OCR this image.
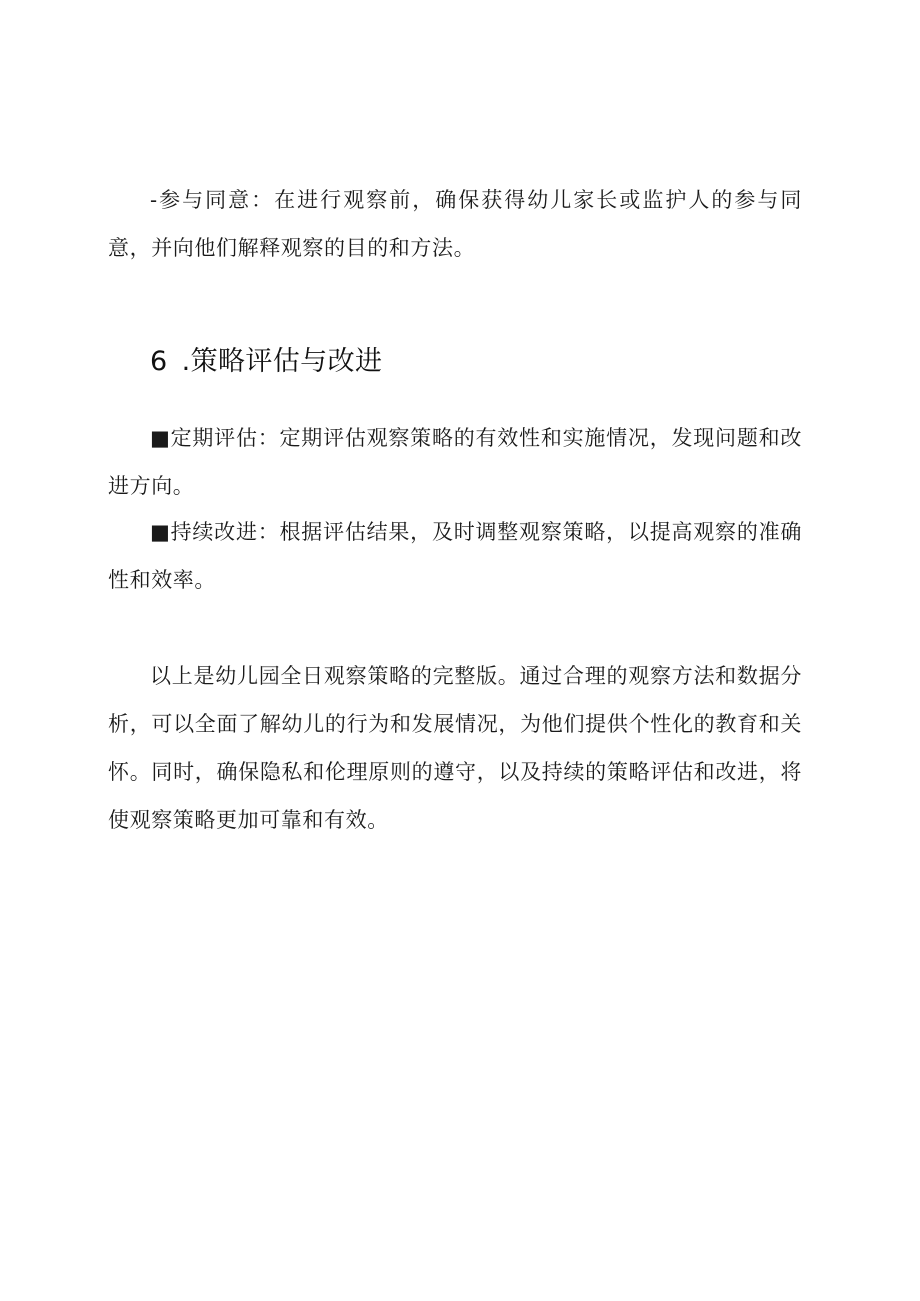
-参与同意：在进行观察前，确保获得幼儿家长或监护人的参与同意，并向他们解释观察的目的和方法。

6 .策略评估与改进

■定期评估：定期评估观察策略的有效性和实施情况，发现问题和改进方向。

■持续改进：根据评估结果，及时调整观察策略，以提高观察的准确性和效率。

以上是幼儿园全日观察策略的完整版。通过合理的观察方法和数据分析，可以全面了解幼儿的行为和发展情况，为他们提供个性化的教育和关怀。同时，确保隐私和伦理原则的遵守，以及持续的策略评估和改进，将使观察策略更加可靠和有效。
